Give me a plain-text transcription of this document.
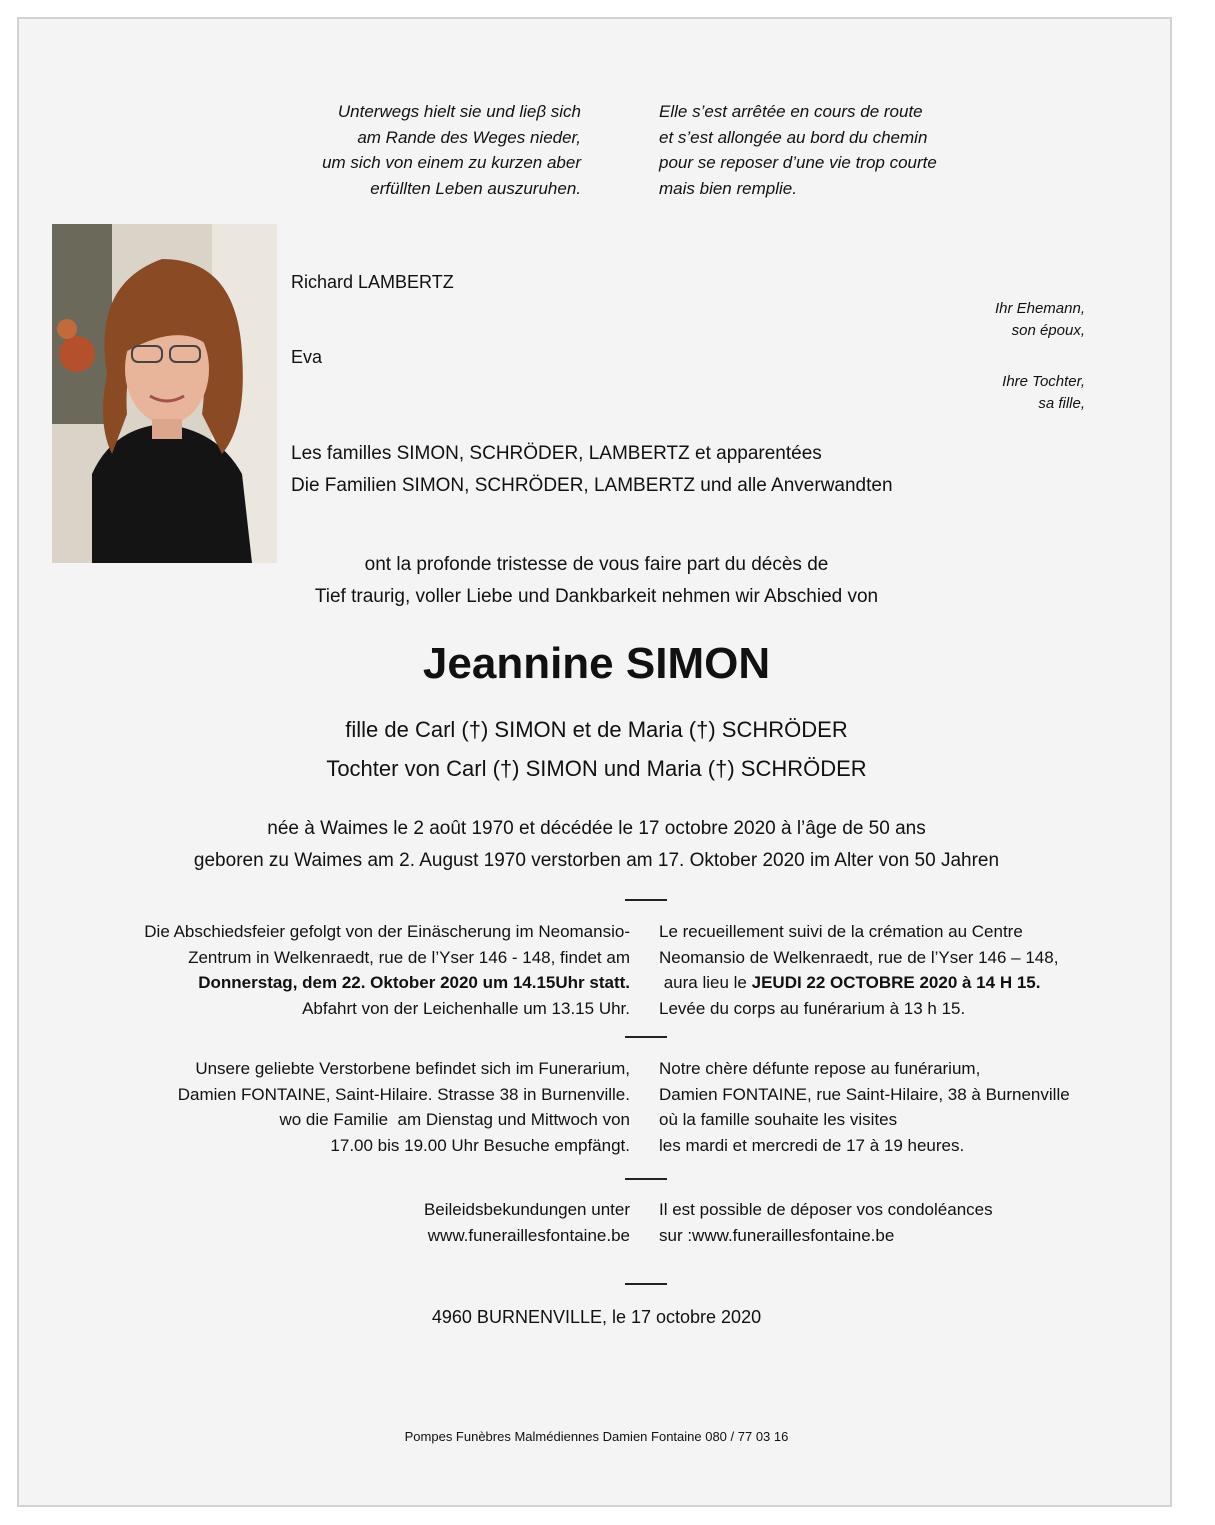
Unterwegs hielt sie und lieβ sich
am Rande des Weges nieder,
um sich von einem zu kurzen aber
erfüllten Leben auszuruhen.
Elle s’est arrêtée en cours de route
et s’est allongée au bord du chemin
pour se reposer d’une vie trop courte
mais bien remplie.
Richard LAMBERTZ
Ihr Ehemann,
son époux,
Eva
Ihre Tochter,
sa fille,
Les familles SIMON, SCHRÖDER, LAMBERTZ et apparentées
Die Familien SIMON, SCHRÖDER, LAMBERTZ und alle Anverwandten
ont la profonde tristesse de vous faire part du décès de
Tief traurig, voller Liebe und Dankbarkeit nehmen wir Abschied von
Jeannine SIMON
fille de Carl (†) SIMON et de Maria (†) SCHRÖDER
Tochter von Carl (†) SIMON und Maria (†) SCHRÖDER
née à Waimes le 2 août 1970 et décédée le 17 octobre 2020 à l’âge de 50 ans
geboren zu Waimes am 2. August 1970 verstorben am 17. Oktober 2020 im Alter von 50 Jahren
Die Abschiedsfeier gefolgt von der Einäscherung im Neomansio-
Zentrum in Welkenraedt, rue de l’Yser 146 - 148, findet am
Donnerstag, dem 22. Oktober 2020 um 14.15Uhr statt.
Abfahrt von der Leichenhalle um 13.15 Uhr.
Le recueillement suivi de la crémation au Centre
Neomansio de Welkenraedt, rue de l’Yser 146 – 148,
aura lieu le JEUDI 22 OCTOBRE 2020 à 14 H 15.
Levée du corps au funérarium à 13 h 15.
Unsere geliebte Verstorbene befindet sich im Funerarium,
Damien FONTAINE, Saint-Hilaire. Strasse 38 in Burnenville.
wo die Familie  am Dienstag und Mittwoch von
17.00 bis 19.00 Uhr Besuche empfängt.
Notre chère défunte repose au funérarium,
Damien FONTAINE, rue Saint-Hilaire, 38 à Burnenville
où la famille souhaite les visites
les mardi et mercredi de 17 à 19 heures.
Beileidsbekundungen unter
www.funeraillesfontaine.be
Il est possible de déposer vos condoléances
sur :www.funeraillesfontaine.be
4960 BURNENVILLE, le 17 octobre 2020
Pompes Funèbres Malmédiennes Damien Fontaine 080 / 77 03 16
